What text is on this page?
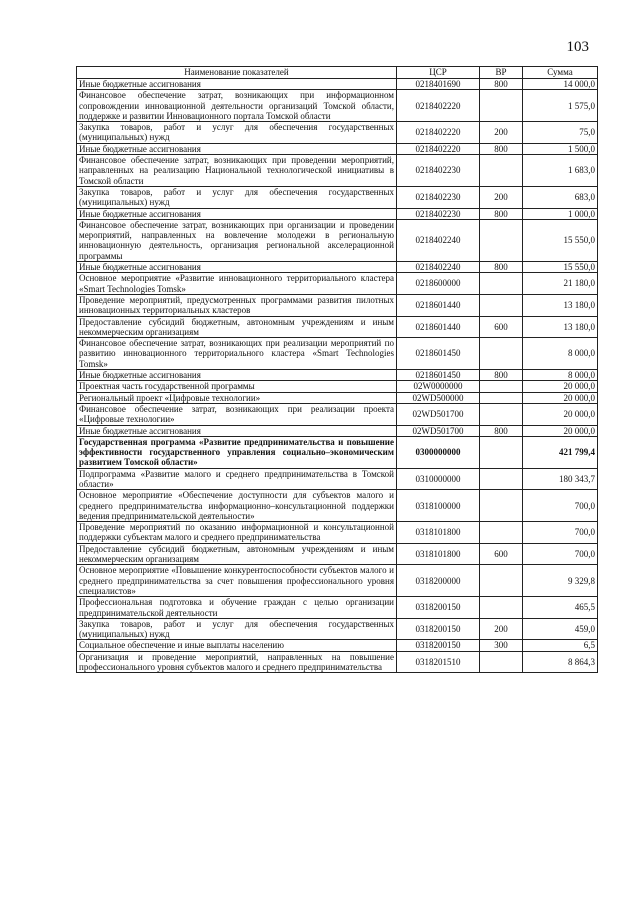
103
Наименование показателей	ЦСР	ВР	Сумма
Иные бюджетные ассигнования	0218401690	800	14 000,0
Финансовое обеспечение затрат, возникающих при информационном сопровождении инновационной деятельности организаций Томской области, поддержке и развитии Инновационного портала Томской области	0218402220		1 575,0
Закупка товаров, работ и услуг для обеспечения государственных (муниципальных) нужд	0218402220	200	75,0
Иные бюджетные ассигнования	0218402220	800	1 500,0
Финансовое обеспечение затрат, возникающих при проведении мероприятий, направленных на реализацию Национальной технологической инициативы в Томской области	0218402230		1 683,0
Закупка товаров, работ и услуг для обеспечения государственных (муниципальных) нужд	0218402230	200	683,0
Иные бюджетные ассигнования	0218402230	800	1 000,0
Финансовое обеспечение затрат, возникающих при организации и проведении мероприятий, направленных на вовлечение молодежи в региональную инновационную деятельность, организация региональной акселерационной программы	0218402240		15 550,0
Иные бюджетные ассигнования	0218402240	800	15 550,0
Основное мероприятие «Развитие инновационного территориального кластера «Smart Technologies Tomsk»	0218600000		21 180,0
Проведение мероприятий, предусмотренных программами развития пилотных инновационных территориальных кластеров	0218601440		13 180,0
Предоставление субсидий бюджетным, автономным учреждениям и иным некоммерческим организациям	0218601440	600	13 180,0
Финансовое обеспечение затрат, возникающих при реализации мероприятий по развитию инновационного территориального кластера «Smart Technologies Tomsk»	0218601450		8 000,0
Иные бюджетные ассигнования	0218601450	800	8 000,0
Проектная часть государственной программы	02W0000000		20 000,0
Региональный проект «Цифровые технологии»	02WD500000		20 000,0
Финансовое обеспечение затрат, возникающих при реализации проекта «Цифровые технологии»	02WD501700		20 000,0
Иные бюджетные ассигнования	02WD501700	800	20 000,0
Государственная программа «Развитие предпринимательства и повышение эффективности государственного управления социально–экономическим развитием Томской области»	0300000000		421 799,4
Подпрограмма «Развитие малого и среднего предпринимательства в Томской области»	0310000000		180 343,7
Основное мероприятие «Обеспечение доступности для субъектов малого и среднего предпринимательства информационно–консультационной поддержки ведения предпринимательской деятельности»	0318100000		700,0
Проведение мероприятий по оказанию информационной и консультационной поддержки субъектам малого и среднего предпринимательства	0318101800		700,0
Предоставление субсидий бюджетным, автономным учреждениям и иным некоммерческим организациям	0318101800	600	700,0
Основное мероприятие «Повышение конкурентоспособности субъектов малого и среднего предпринимательства за счет повышения профессионального уровня специалистов»	0318200000		9 329,8
Профессиональная подготовка и обучение граждан с целью организации предпринимательской деятельности	0318200150		465,5
Закупка товаров, работ и услуг для обеспечения государственных (муниципальных) нужд	0318200150	200	459,0
Социальное обеспечение и иные выплаты населению	0318200150	300	6,5
Организация и проведение мероприятий, направленных на повышение профессионального уровня субъектов малого и среднего предпринимательства	0318201510		8 864,3
